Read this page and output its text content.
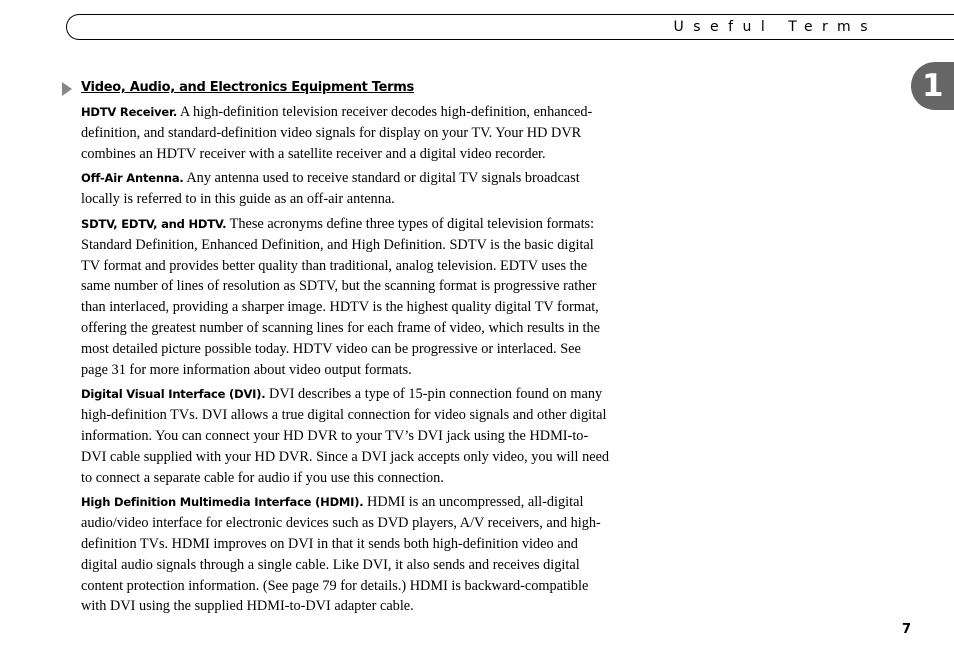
Useful Terms
1
Video, Audio, and Electronics Equipment Terms

HDTV Receiver. A high-definition television receiver decodes high-definition, enhanced-definition, and standard-definition video signals for display on your TV. Your HD DVR combines an HDTV receiver with a satellite receiver and a digital video recorder.

Off-Air Antenna. Any antenna used to receive standard or digital TV signals broadcast locally is referred to in this guide as an off-air antenna.

SDTV, EDTV, and HDTV. These acronyms define three types of digital television formats: Standard Definition, Enhanced Definition, and High Definition. SDTV is the basic digital TV format and provides better quality than traditional, analog television. EDTV uses the same number of lines of resolution as SDTV, but the scanning format is progressive rather than interlaced, providing a sharper image. HDTV is the highest quality digital TV format, offering the greatest number of scanning lines for each frame of video, which results in the most detailed picture possible today. HDTV video can be progressive or interlaced. See page 31 for more information about video output formats.

Digital Visual Interface (DVI). DVI describes a type of 15-pin connection found on many high-definition TVs. DVI allows a true digital connection for video signals and other digital information. You can connect your HD DVR to your TV’s DVI jack using the HDMI-to-DVI cable supplied with your HD DVR. Since a DVI jack accepts only video, you will need to connect a separate cable for audio if you use this connection.

High Definition Multimedia Interface (HDMI). HDMI is an uncompressed, all-digital audio/video interface for electronic devices such as DVD players, A/V receivers, and high-definition TVs. HDMI improves on DVI in that it sends both high-definition video and digital audio signals through a single cable. Like DVI, it also sends and receives digital content protection information. (See page 79 for details.) HDMI is backward-compatible with DVI using the supplied HDMI-to-DVI adapter cable.

7
